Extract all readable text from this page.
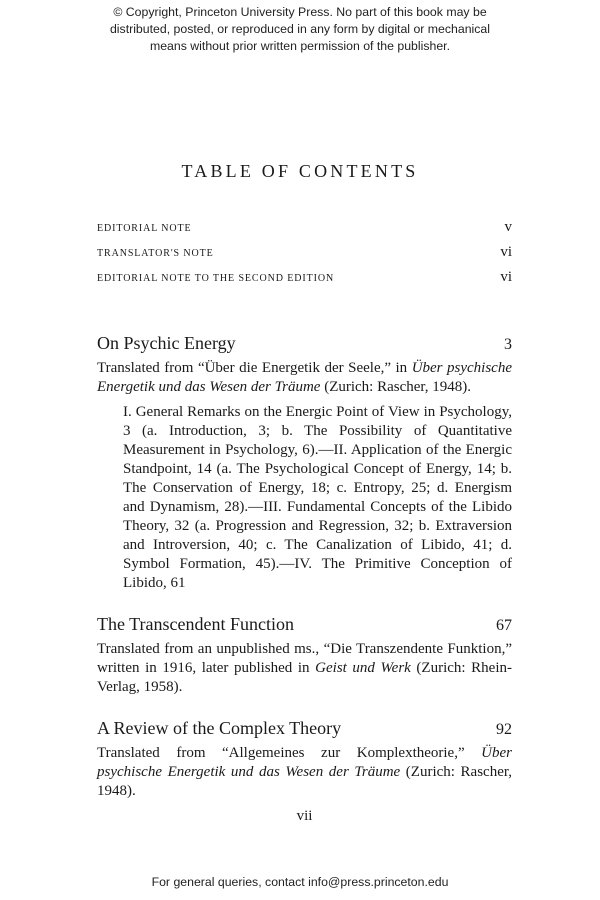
© Copyright, Princeton University Press. No part of this book may be
distributed, posted, or reproduced in any form by digital or mechanical
means without prior written permission of the publisher.
TABLE OF CONTENTS
EDITORIAL NOTE	v
TRANSLATOR'S NOTE	vi
EDITORIAL NOTE TO THE SECOND EDITION	vi
On Psychic Energy	3
Translated from “Über die Energetik der Seele,” in Über psychische Energetik und das Wesen der Träume (Zurich: Rascher, 1948).
I. General Remarks on the Energic Point of View in Psychology, 3 (a. Introduction, 3; b. The Possibility of Quantitative Measurement in Psychology, 6).—II. Application of the Energic Standpoint, 14 (a. The Psychological Concept of Energy, 14; b. The Conservation of Energy, 18; c. Entropy, 25; d. Energism and Dynamism, 28).—III. Fundamental Concepts of the Libido Theory, 32 (a. Progression and Regression, 32; b. Extraversion and Introversion, 40; c. The Canalization of Libido, 41; d. Symbol Formation, 45).—IV. The Primitive Conception of Libido, 61
The Transcendent Function	67
Translated from an unpublished ms., “Die Transzendente Funktion,” written in 1916, later published in Geist und Werk (Zurich: Rhein-Verlag, 1958).
A Review of the Complex Theory	92
Translated from “Allgemeines zur Komplextheorie,” Über psychische Energetik und das Wesen der Träume (Zurich: Rascher, 1948).
vii
For general queries, contact info@press.princeton.edu
